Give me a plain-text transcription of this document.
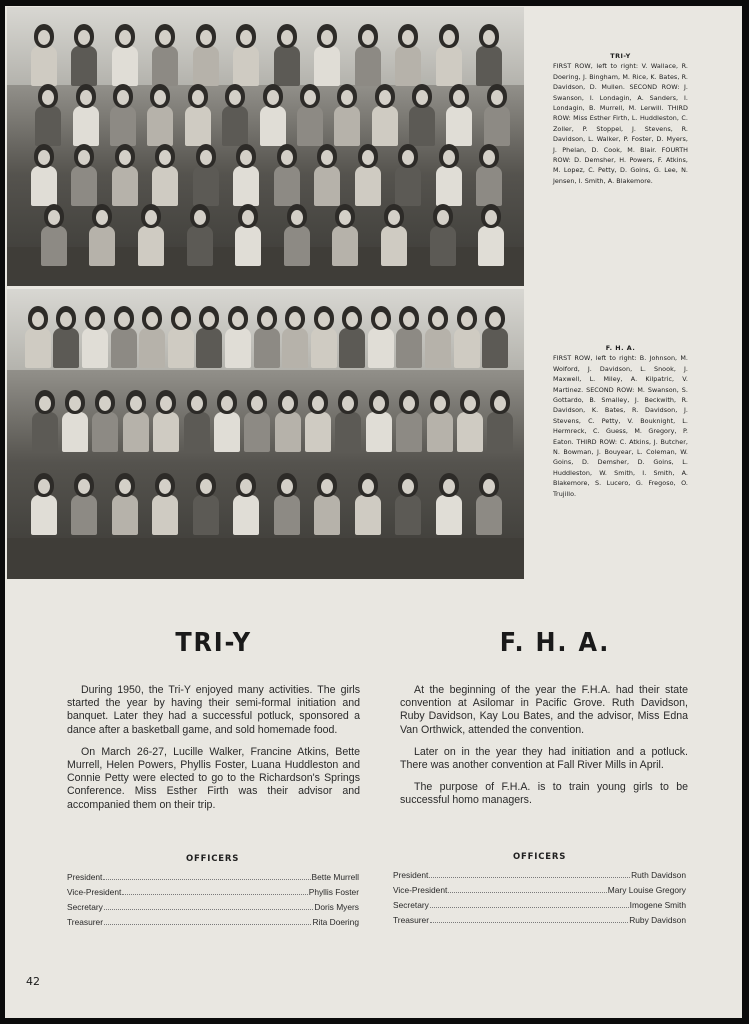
TRI-Y
FIRST ROW, left to right: V. Wallace, R. Doering, J. Bingham, M. Rice, K. Bates, R. Davidson, D. Mullen. SECOND ROW: J. Swanson, I. Londagin, A. Sanders, I. Londagin, B. Murrell, M. Lerwill. THIRD ROW: Miss Esther Firth, L. Huddleston, C. Zoller, P. Stoppel, J. Stevens, R. Davidson, L. Walker, P. Foster, D. Myers, J. Phelan, D. Cook, M. Blair. FOURTH ROW: D. Demsher, H. Powers, F. Atkins, M. Lopez, C. Petty, D. Goins, G. Lee, N. Jensen, I. Smith, A. Blakemore.
F. H. A.
FIRST ROW, left to right: B. Johnson, M. Wolford, J. Davidson, L. Snook, J. Maxwell, L. Miley, A. Kilpatric, V. Martinez. SECOND ROW: M. Swanson, S. Gottardo, B. Smalley, J. Beckwith, R. Davidson, K. Bates, R. Davidson, J. Stevens, C. Petty, V. Bouknight, L. Hermreck, C. Guess, M. Gregory, P. Eaton. THIRD ROW: C. Atkins, J. Butcher, N. Bowman, J. Bouyear, L. Coleman, W. Goins, D. Demsher, D. Goins, L. Huddleston, W. Smith, I. Smith, A. Blakemore, S. Lucero, G. Fregoso, O. Trujillo.
TRI-Y	F. H. A.

During 1950, the Tri-Y enjoyed many activities. The girls started the year by having their semi-formal initiation and banquet. Later they had a successful potluck, sponsored a dance after a basketball game, and sold homemade food.

On March 26-27, Lucille Walker, Francine Atkins, Bette Murrell, Helen Powers, Phyllis Foster, Luana Huddleston and Connie Petty were elected to go to the Richardson's Springs Conference. Miss Esther Firth was their advisor and accompanied them on their trip.

At the beginning of the year the F.H.A. had their state convention at Asilomar in Pacific Grove. Ruth Davidson, Ruby Davidson, Kay Lou Bates, and the advisor, Miss Edna Van Orthwick, attended the convention.

Later on in the year they had initiation and a potluck. There was another convention at Fall River Mills in April.

The purpose of F.H.A. is to train young girls to be successful homo managers.

OFFICERS
President	Bette Murrell
Vice-President	Phyllis Foster
Secretary	Doris Myers
Treasurer	Rita Doering
OFFICERS
President	Ruth Davidson
Vice-President	Mary Louise Gregory
Secretary	Imogene Smith
Treasurer	Ruby Davidson
42
